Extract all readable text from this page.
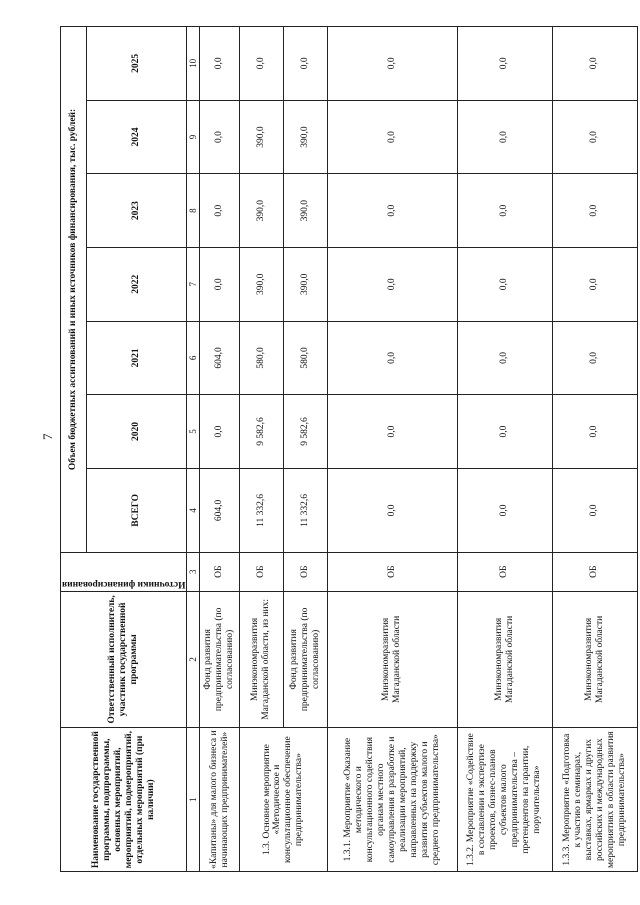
7
Наименование государственной программы, подпрограммы, основных мероприятий, мероприятий, подмероприятий, отдельных мероприятий (при наличии)	Ответственный исполнитель, участник государственной программы	Источники финансирования	Объем бюджетных ассигнований и иных источников финансирования, тыс. рублей:						
			ВСЕГО	2020	2021	2022	2023	2024	2025
1	2	3	4	5	6	7	8	9	10
«Капитаны» для малого бизнеса и начинающих предпринимателей»	Фонд развития предпринимательства (по согласованию)	ОБ	604,0	0,0	604,0	0,0	0,0	0,0	0,0
1.3. Основное мероприятие «Методическое и консультационное обеспечение предпринимательства»	Минэкономразвития Магаданской области, из них:	ОБ	11 332,6	9 582,6	580,0	390,0	390,0	390,0	0,0
	Фонд развития предпринимательства (по согласованию)	ОБ	11 332,6	9 582,6	580,0	390,0	390,0	390,0	0,0
1.3.1. Мероприятие «Оказание методического и консультационного содействия органам местного самоуправления в разработке и реализации мероприятий, направленных на поддержку развития субъектов малого и среднего предпринимательства»	Минэкономразвития Магаданской области	ОБ	0,0	0,0	0,0	0,0	0,0	0,0	0,0
1.3.2. Мероприятие «Содействие в составлении и экспертизе проектов, бизнес-планов субъектов малого предпринимательства – претендентов на гарантии, поручительства»	Минэкономразвития Магаданской области	ОБ	0,0	0,0	0,0	0,0	0,0	0,0	0,0
1.3.3. Мероприятие «Подготовка к участию в семинарах, выставках, ярмарках и других российских и международных мероприятиях в области развития предпринимательства»	Минэкономразвития Магаданской области	ОБ	0,0	0,0	0,0	0,0	0,0	0,0	0,0
